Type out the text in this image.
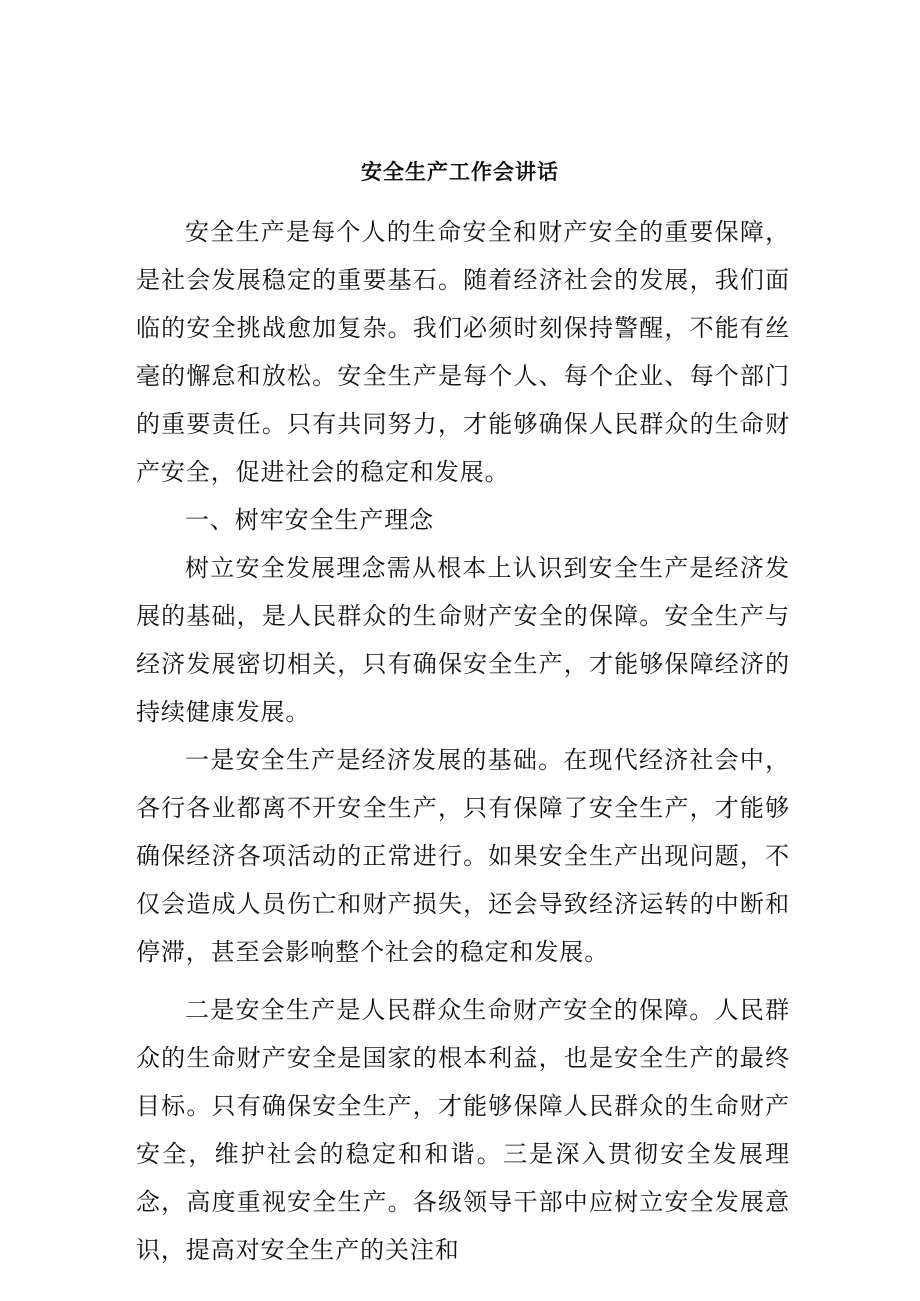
安全生产工作会讲话

安全生产是每个人的生命安全和财产安全的重要保障，是社会发展稳定的重要基石。随着经济社会的发展，我们面临的安全挑战愈加复杂。我们必须时刻保持警醒，不能有丝毫的懈怠和放松。安全生产是每个人、每个企业、每个部门的重要责任。只有共同努力，才能够确保人民群众的生命财产安全，促进社会的稳定和发展。

一、树牢安全生产理念

树立安全发展理念需从根本上认识到安全生产是经济发展的基础，是人民群众的生命财产安全的保障。安全生产与经济发展密切相关，只有确保安全生产，才能够保障经济的持续健康发展。

一是安全生产是经济发展的基础。在现代经济社会中，各行各业都离不开安全生产，只有保障了安全生产，才能够确保经济各项活动的正常进行。如果安全生产出现问题，不仅会造成人员伤亡和财产损失，还会导致经济运转的中断和停滞，甚至会影响整个社会的稳定和发展。

二是安全生产是人民群众生命财产安全的保障。人民群众的生命财产安全是国家的根本利益，也是安全生产的最终目标。只有确保安全生产，才能够保障人民群众的生命财产安全，维护社会的稳定和和谐。三是深入贯彻安全发展理念，高度重视安全生产。各级领导干部中应树立安全发展意识，提高对安全生产的关注和
